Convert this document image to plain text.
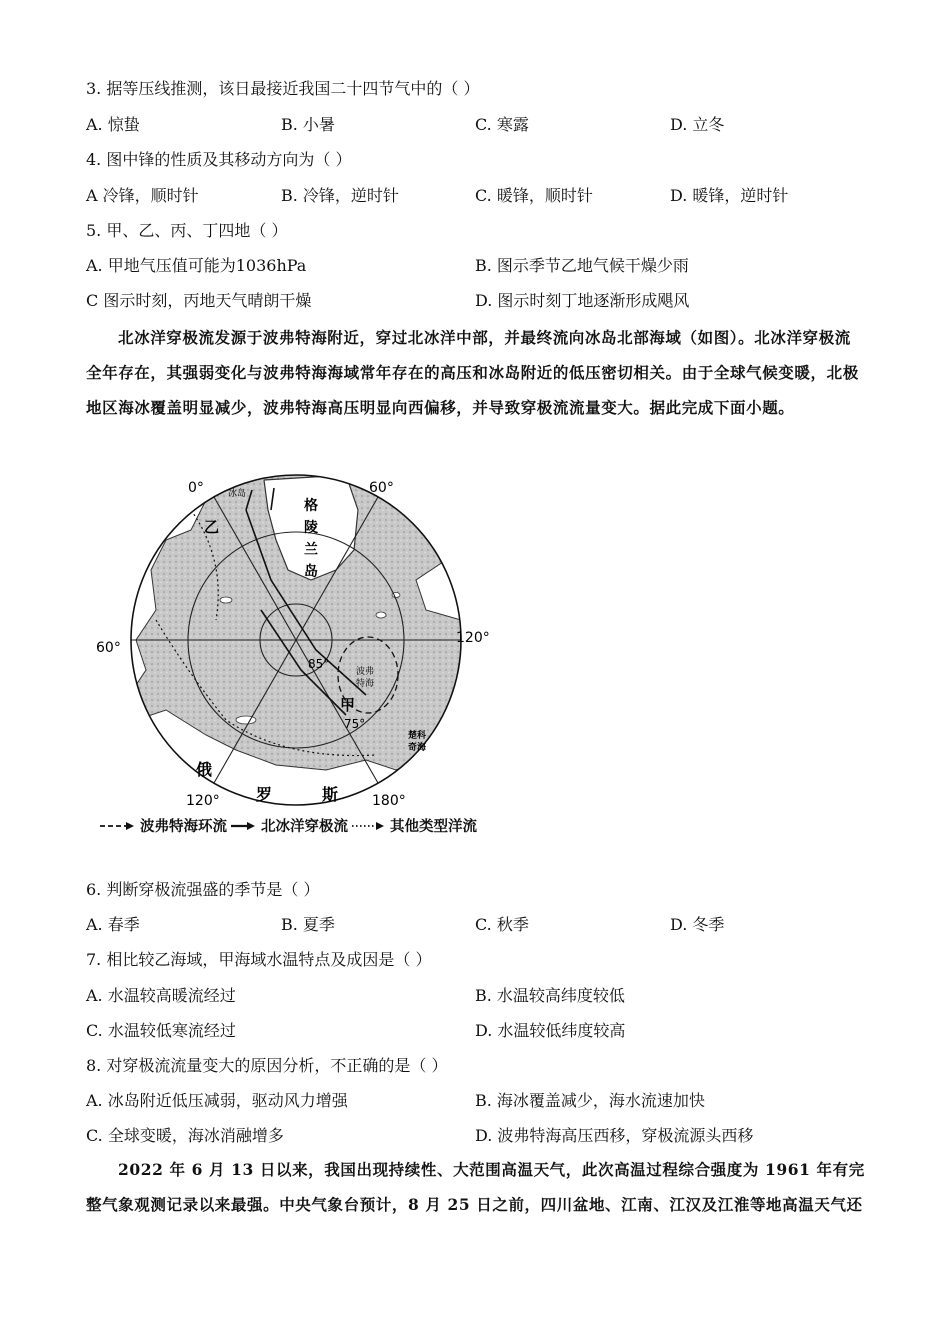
3. 据等压线推测，该日最接近我国二十四节气中的（ ）
A. 惊蛰	B. 小暑	C. 寒露	D. 立冬
4. 图中锋的性质及其移动方向为（ ）
A 冷锋，顺时针	B. 冷锋，逆时针	C. 暖锋，顺时针	D. 暖锋，逆时针
5. 甲、乙、丙、丁四地（ ）
A. 甲地气压值可能为1036hPa	B. 图示季节乙地气候干燥少雨
C 图示时刻，丙地天气晴朗干燥	D. 图示时刻丁地逐渐形成飓风
北冰洋穿极流发源于波弗特海附近，穿过北冰洋中部，并最终流向冰岛北部海域（如图）。北冰洋穿极流全年存在，其强弱变化与波弗特海海域常年存在的高压和冰岛附近的低压密切相关。由于全球气候变暖，北极地区海冰覆盖明显减少，波弗特海高压明显向西偏移，并导致穿极流流量变大。据此完成下面小题。
0°	60°
60°
120°
120°	180°
85°
75°
冰岛
格
陵
兰
岛
乙
甲
波弗
特海
楚科
奇海
俄
罗	斯
波弗特海环流 北冰洋穿极流	其他类型洋流
6. 判断穿极流强盛的季节是（ ）
A. 春季	B. 夏季	C. 秋季	D. 冬季
7. 相比较乙海域，甲海域水温特点及成因是（ ）
A. 水温较高暖流经过	B. 水温较高纬度较低
C. 水温较低寒流经过	D. 水温较低纬度较高
8. 对穿极流流量变大的原因分析，不正确的是（ ）
A. 冰岛附近低压减弱，驱动风力增强	B. 海冰覆盖减少，海水流速加快
C. 全球变暖，海冰消融增多	D. 波弗特海高压西移，穿极流源头西移
2022 年 6 月 13 日以来，我国出现持续性、大范围高温天气，此次高温过程综合强度为 1961 年有完整气象观测记录以来最强。中央气象台预计，8 月 25 日之前，四川盆地、江南、江汉及江淮等地高温天气还
